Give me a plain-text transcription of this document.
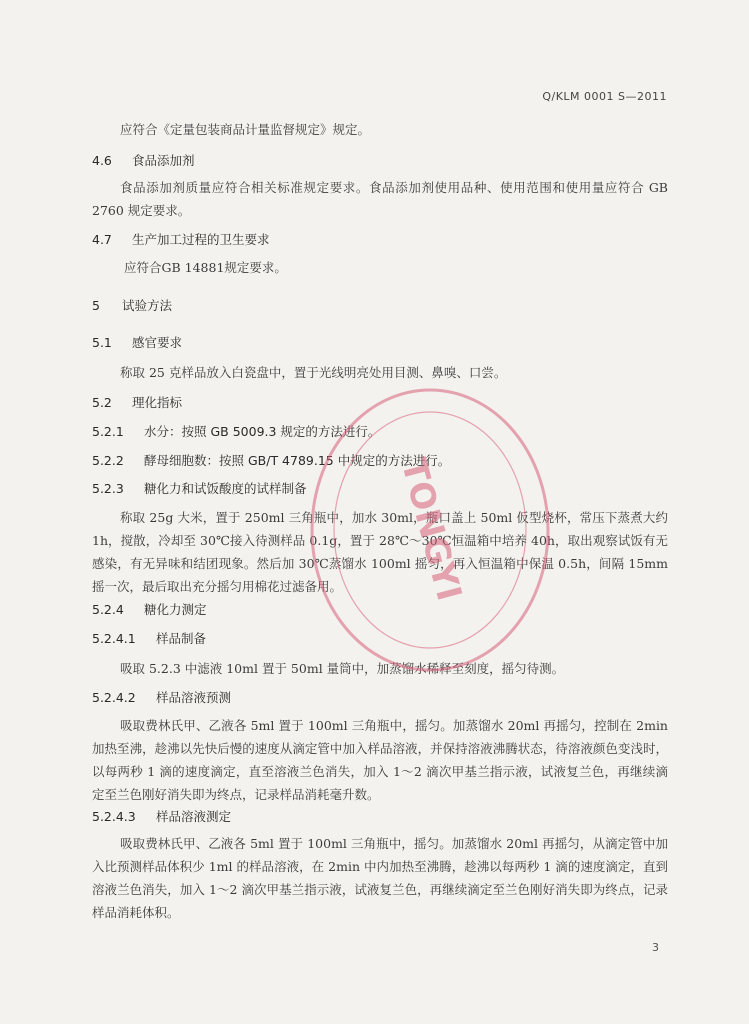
Q/KLM 0001 S—2011
应符合《定量包装商品计量监督规定》规定。
4.6 食品添加剂
食品添加剂质量应符合相关标准规定要求。食品添加剂使用品种、使用范围和使用量应符合 GB 2760 规定要求。
4.7 生产加工过程的卫生要求
应符合GB 14881规定要求。
5 试验方法
5.1 感官要求
称取 25 克样品放入白瓷盘中，置于光线明亮处用目测、鼻嗅、口尝。
5.2 理化指标
5.2.1 水分：按照 GB 5009.3 规定的方法进行。
5.2.2 酵母细胞数：按照 GB/T 4789.15 中规定的方法进行。
5.2.3 糖化力和试饭酸度的试样制备
称取 25g 大米，置于 250ml 三角瓶中，加水 30ml，瓶口盖上 50ml 仮型烧杯，常压下蒸煮大约 1h，搅散，冷却至 30℃接入待测样品 0.1g，置于 28℃～30℃恒温箱中培养 40h，取出观察试饭有无感染，有无异味和结团现象。然后加 30℃蒸馏水 100ml 摇匀，再入恒温箱中保温 0.5h，间隔 15mm 摇一次，最后取出充分摇匀用棉花过滤备用。
5.2.4 糖化力测定
5.2.4.1 样品制备
吸取 5.2.3 中滤液 10ml 置于 50ml 量筒中，加蒸馏水稀释至刻度，摇匀待测。
5.2.4.2 样品溶液预测
吸取费林氏甲、乙液各 5ml 置于 100ml 三角瓶中，摇匀。加蒸馏水 20ml 再摇匀，控制在 2min 加热至沸，趁沸以先快后慢的速度从滴定管中加入样品溶液，并保持溶液沸腾状态，待溶液颜色变浅时，以每两秒 1 滴的速度滴定，直至溶液兰色消失，加入 1～2 滴次甲基兰指示液，试液复兰色，再继续滴定至兰色刚好消失即为终点，记录样品消耗毫升数。
5.2.4.3 样品溶液测定
吸取费林氏甲、乙液各 5ml 置于 100ml 三角瓶中，摇匀。加蒸馏水 20ml 再摇匀，从滴定管中加入比预测样品体积少 1ml 的样品溶液，在 2min 中内加热至沸腾，趁沸以每两秒 1 滴的速度滴定，直到溶液兰色消失，加入 1～2 滴次甲基兰指示液，试液复兰色，再继续滴定至兰色刚好消失即为终点，记录样品消耗体积。
TONGYI
3
